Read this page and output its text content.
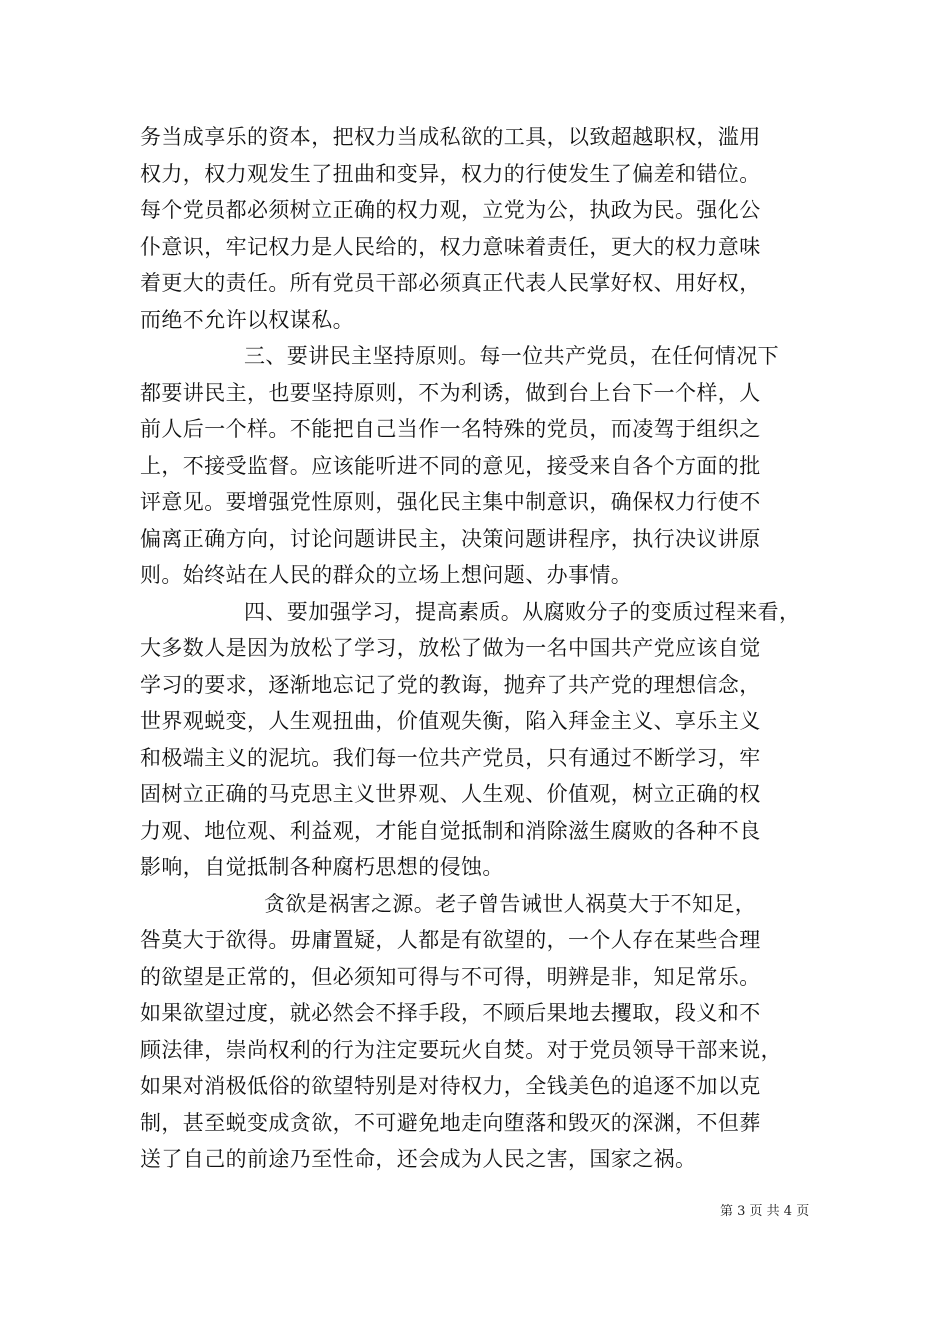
务当成享乐的资本，把权力当成私欲的工具，以致超越职权，滥用
权力，权力观发生了扭曲和变异，权力的行使发生了偏差和错位。
每个党员都必须树立正确的权力观，立党为公，执政为民。强化公
仆意识，牢记权力是人民给的，权力意味着责任，更大的权力意味
着更大的责任。所有党员干部必须真正代表人民掌好权、用好权，
而绝不允许以权谋私。
三、要讲民主坚持原则。每一位共产党员，在任何情况下
都要讲民主，也要坚持原则，不为利诱，做到台上台下一个样，人
前人后一个样。不能把自己当作一名特殊的党员，而凌驾于组织之
上，不接受监督。应该能听进不同的意见，接受来自各个方面的批
评意见。要增强党性原则，强化民主集中制意识，确保权力行使不
偏离正确方向，讨论问题讲民主，决策问题讲程序，执行决议讲原
则。始终站在人民的群众的立场上想问题、办事情。
四、要加强学习，提高素质。从腐败分子的变质过程来看，
大多数人是因为放松了学习，放松了做为一名中国共产党应该自觉
学习的要求，逐渐地忘记了党的教诲，抛弃了共产党的理想信念，
世界观蜕变，人生观扭曲，价值观失衡，陷入拜金主义、享乐主义
和极端主义的泥坑。我们每一位共产党员，只有通过不断学习，牢
固树立正确的马克思主义世界观、人生观、价值观，树立正确的权
力观、地位观、利益观，才能自觉抵制和消除滋生腐败的各种不良
影响，自觉抵制各种腐朽思想的侵蚀。
贪欲是祸害之源。老子曾告诫世人祸莫大于不知足，
咎莫大于欲得。毋庸置疑，人都是有欲望的，一个人存在某些合理
的欲望是正常的，但必须知可得与不可得，明辨是非，知足常乐。
如果欲望过度，就必然会不择手段，不顾后果地去攫取，段义和不
顾法律，崇尚权利的行为注定要玩火自焚。对于党员领导干部来说，
如果对消极低俗的欲望特别是对待权力，全钱美色的追逐不加以克
制，甚至蜕变成贪欲，不可避免地走向堕落和毁灭的深渊，不但葬
送了自己的前途乃至性命，还会成为人民之害，国家之祸。
第 3 页 共 4 页
